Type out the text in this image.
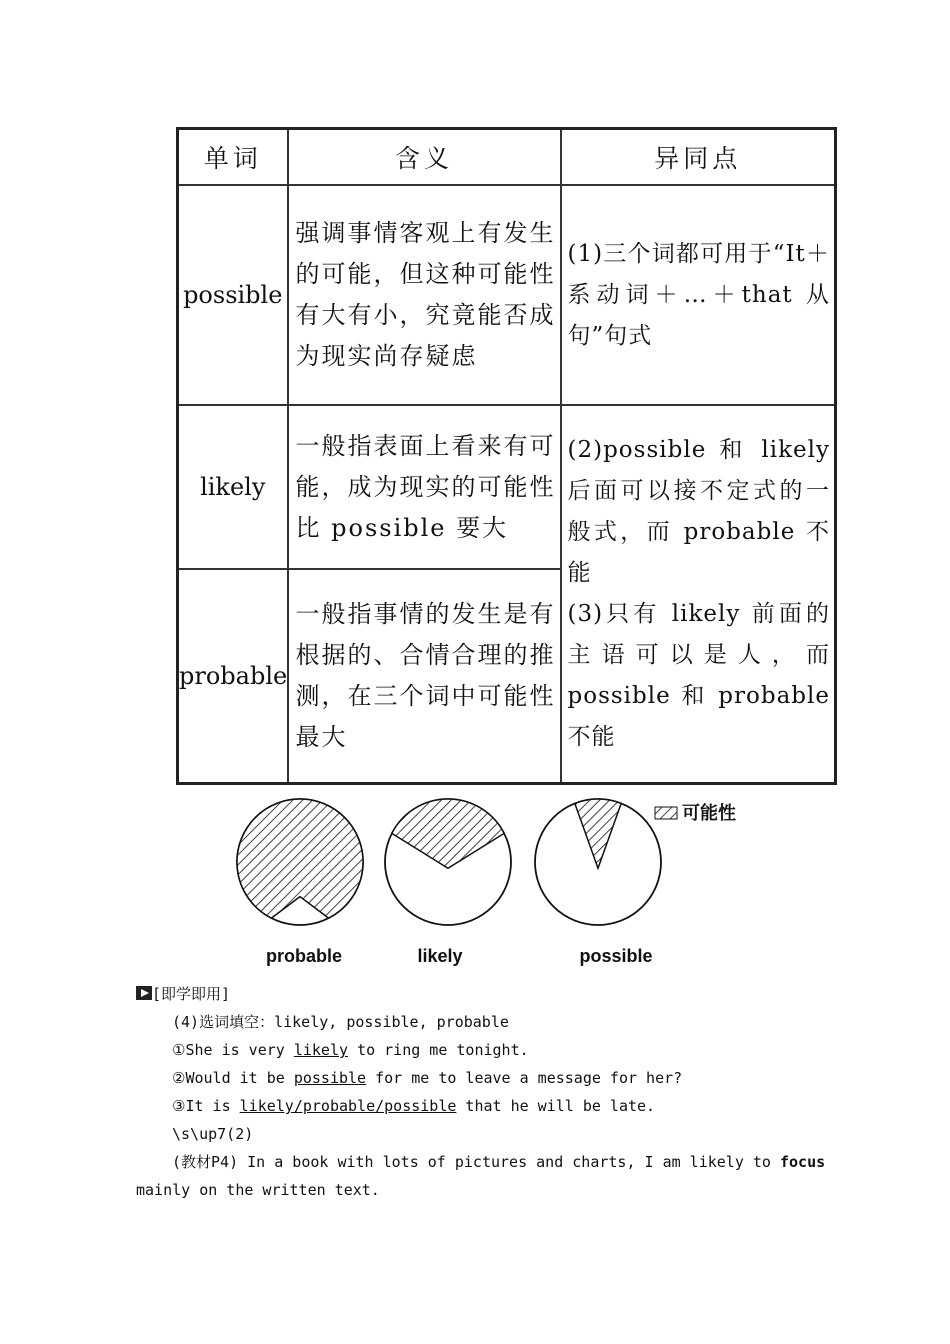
单词	含义	异同点
possible	强调事情客观上有发生的可能，但这种可能性有大有小，究竟能否成为现实尚存疑虑	(1)三个词都可用于“It＋系动词＋…＋that 从句”句式
likely	一般指表面上看来有可能，成为现实的可能性比 possible 要大	(2)possible 和 likely 后面可以接不定式的一般式，而 probable 不能
(3)只有 likely 前面的主语可以是人，而 possible 和 probable 不能

probable	一般指事情的发生是有根据的、合情合理的推测，在三个词中可能性最大	
probable	likely	possible
可能性
[即学即用]
(4)选词填空：likely, possible, probable
①She is very likely to ring me tonight.
②Would it be possible for me to leave a message for her?
③It is likely/probable/possible that he will be late.
\s\up7(2)
(教材P4) In a book with lots of pictures and charts, I am likely to focus
mainly on the written text.
